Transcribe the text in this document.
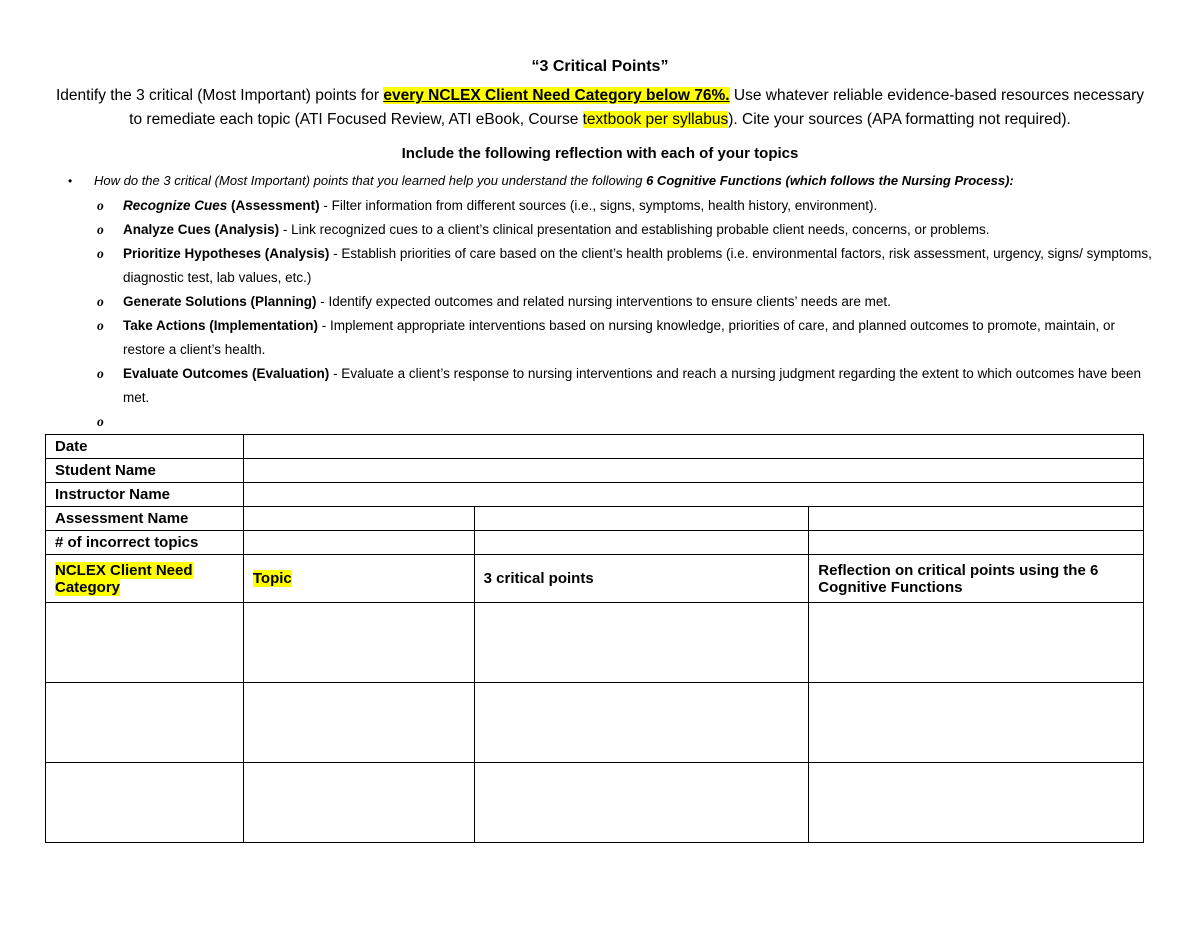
“3 Critical Points”
Identify the 3 critical (Most Important) points for every NCLEX Client Need Category below 76%. Use whatever reliable evidence-based resources necessary to remediate each topic (ATI Focused Review, ATI eBook, Course textbook per syllabus). Cite your sources (APA formatting not required).
Include the following reflection with each of your topics
• How do the 3 critical (Most Important) points that you learned help you understand the following 6 Cognitive Functions (which follows the Nursing Process):
o Recognize Cues (Assessment) - Filter information from different sources (i.e., signs, symptoms, health history, environment).
o Analyze Cues (Analysis) - Link recognized cues to a client’s clinical presentation and establishing probable client needs, concerns, or problems.
o Prioritize Hypotheses (Analysis) - Establish priorities of care based on the client’s health problems (i.e. environmental factors, risk assessment, urgency, signs/ symptoms, diagnostic test, lab values, etc.)
o Generate Solutions (Planning) - Identify expected outcomes and related nursing interventions to ensure clients’ needs are met.
o Take Actions (Implementation) - Implement appropriate interventions based on nursing knowledge, priorities of care, and planned outcomes to promote, maintain, or restore a client’s health.
o Evaluate Outcomes (Evaluation) - Evaluate a client’s response to nursing interventions and reach a nursing judgment regarding the extent to which outcomes have been met.
o

Date			
Student Name			
Instructor Name			
Assessment Name			
# of incorrect topics			
NCLEX Client Need Category	Topic	3 critical points	Reflection on critical points using the 6 Cognitive Functions
